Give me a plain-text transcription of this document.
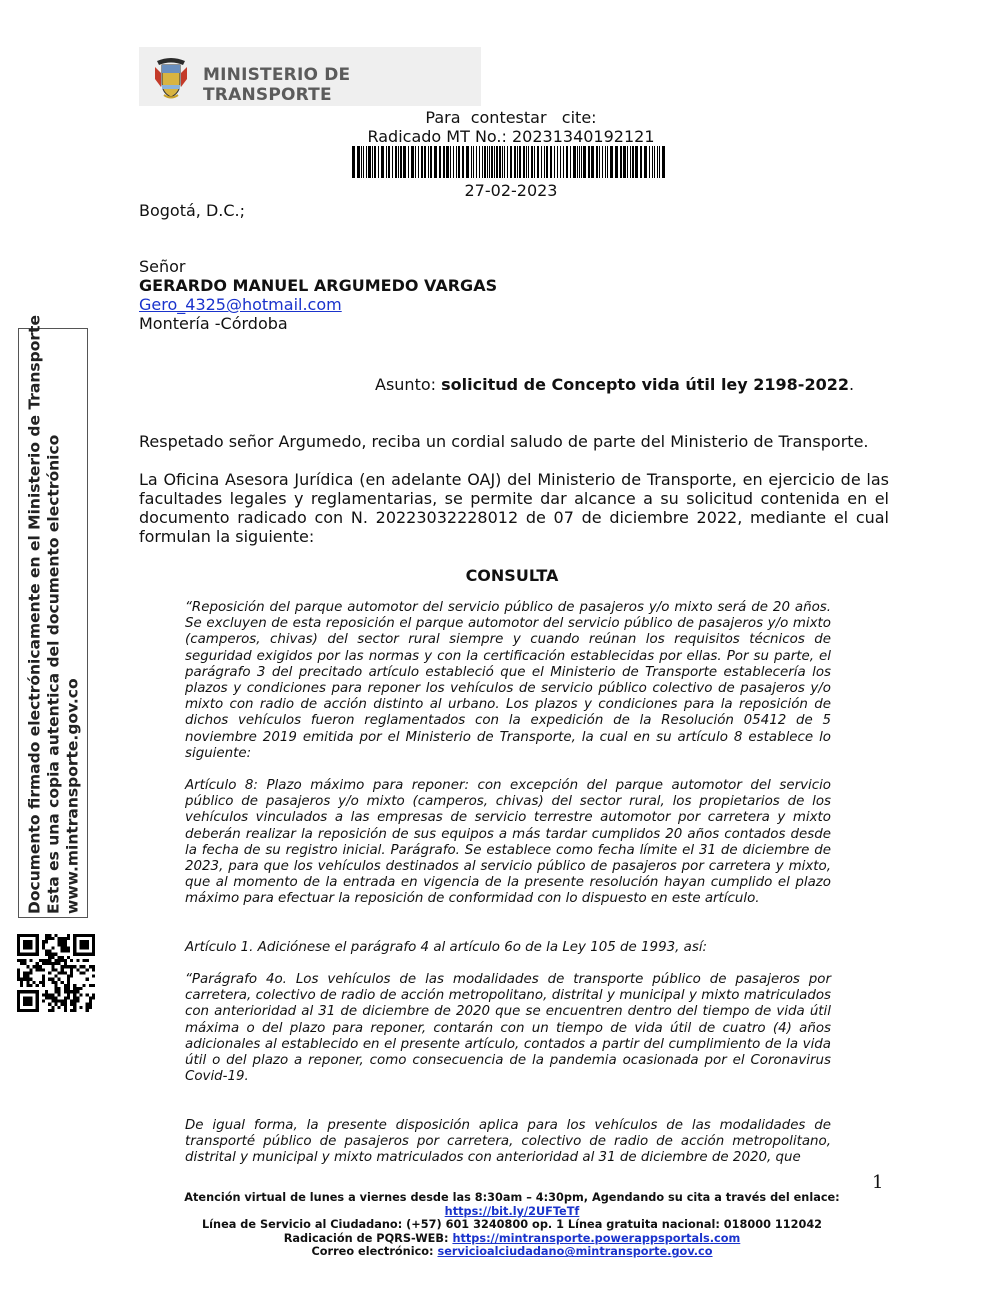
MINISTERIO DE TRANSPORTE
Para  contestar   cite:
Radicado MT No.: 20231340192121
27-02-2023
Bogotá, D.C.;
Señor
GERARDO MANUEL ARGUMEDO VARGAS
Gero_4325@hotmail.com
Montería -Córdoba
Asunto: solicitud de Concepto vida útil ley 2198-2022.
Respetado señor Argumedo, reciba un cordial saludo de parte del Ministerio de Transporte.
La Oficina Asesora Jurídica (en adelante OAJ) del Ministerio de Transporte, en ejercicio de las facultades legales y reglamentarias, se permite dar alcance a su solicitud contenida en el documento radicado con N. 20223032228012 de 07 de diciembre 2022, mediante el cual formulan la siguiente:
CONSULTA
“Reposición del parque automotor del servicio público de pasajeros y/o mixto será de 20 años. Se excluyen de esta reposición el parque automotor del servicio público de pasajeros y/o mixto (camperos, chivas) del sector rural siempre y cuando reúnan los requisitos técnicos de seguridad exigidos por las normas y con la certificación establecidas por ellas. Por su parte, el parágrafo 3 del precitado artículo estableció que el Ministerio de Transporte establecería los plazos y condiciones para reponer los vehículos de servicio público colectivo de pasajeros y/o mixto con radio de acción distinto al urbano. Los plazos y condiciones para la reposición de dichos vehículos fueron reglamentados con la expedición de la Resolución 05412 de 5 noviembre 2019 emitida por el Ministerio de Transporte, la cual en su artículo 8 establece lo siguiente:
Artículo 8: Plazo máximo para reponer: con excepción del parque automotor del servicio público de pasajeros y/o mixto (camperos, chivas) del sector rural, los propietarios de los vehículos vinculados a las empresas de servicio terrestre automotor por carretera y mixto deberán realizar la reposición de sus equipos a más tardar cumplidos 20 años contados desde la fecha de su registro inicial. Parágrafo. Se establece como fecha límite el 31 de diciembre de 2023, para que los vehículos destinados al servicio público de pasajeros por carretera y mixto, que al momento de la entrada en vigencia de la presente resolución hayan cumplido el plazo máximo para efectuar la reposición de conformidad con lo dispuesto en este artículo.
Artículo 1. Adiciónese el parágrafo 4 al artículo 6o de la Ley 105 de 1993, así:
“Parágrafo 4o. Los vehículos de las modalidades de transporte público de pasajeros por carretera, colectivo de radio de acción metropolitano, distrital y municipal y mixto matriculados con anterioridad al 31 de diciembre de 2020 que se encuentren dentro del tiempo de vida útil máxima o del plazo para reponer, contarán con un tiempo de vida útil de cuatro (4) años adicionales al establecido en el presente artículo, contados a partir del cumplimiento de la vida útil o del plazo a reponer, como consecuencia de la pandemia ocasionada por el Coronavirus Covid-19.
De igual forma, la presente disposición aplica para los vehículos de las modalidades de transporté público de pasajeros por carretera, colectivo de radio de acción metropolitano, distrital y municipal y mixto matriculados con anterioridad al 31 de diciembre de 2020, que
Documento firmado electrónicamente en el Ministerio de Transporte Esta es una copia autentica del documento electrónico www.mintransporte.gov.co
1
Atención virtual de lunes a viernes desde las 8:30am – 4:30pm, Agendando su cita a través del enlace:
https://bit.ly/2UFTeTf
Línea de Servicio al Ciudadano: (+57) 601 3240800 op. 1 Línea gratuita nacional: 018000 112042
Radicación de PQRS-WEB: https://mintransporte.powerappsportals.com
Correo electrónico: servicioalciudadano@mintransporte.gov.co
